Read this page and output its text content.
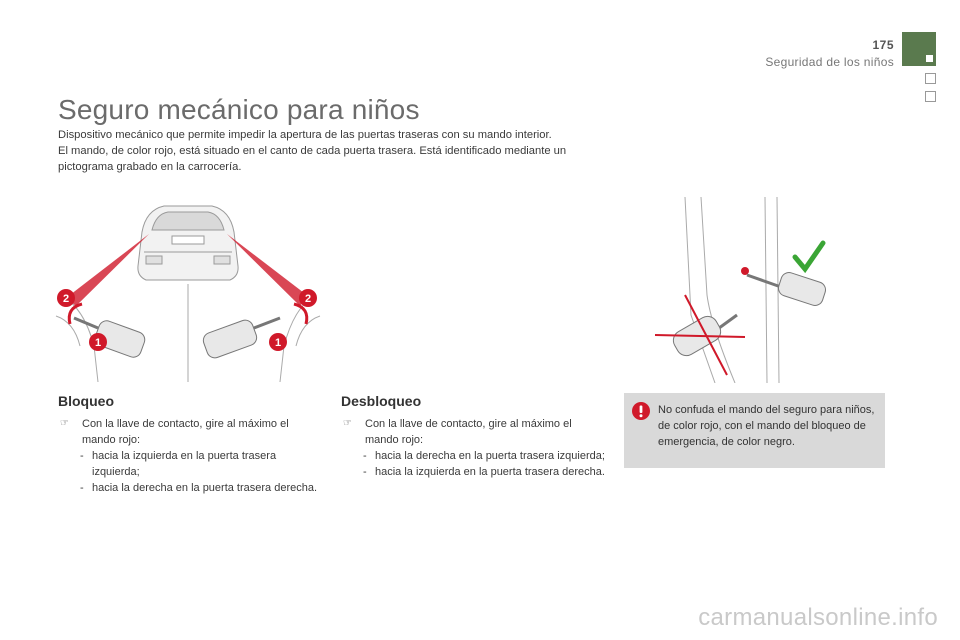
175
Seguridad de los niños
Seguro mecánico para niños

Dispositivo mecánico que permite impedir la apertura de las puertas traseras con su mando interior.

El mando, de color rojo, está situado en el canto de cada puerta trasera. Está identificado mediante un pictograma grabado en la carrocería.

2
1	1
2
Bloqueo
☞ Con la llave de contacto, gire al máximo el mando rojo:
- hacia la izquierda en la puerta trasera izquierda;
- hacia la derecha en la puerta trasera derecha.
Desbloqueo
☞ Con la llave de contacto, gire al máximo el mando rojo:
- hacia la derecha en la puerta trasera izquierda;
- hacia la izquierda en la puerta trasera derecha.
No confuda el mando del seguro para niños, de color rojo, con el mando del bloqueo de emergencia, de color negro.
carmanualsonline.info
